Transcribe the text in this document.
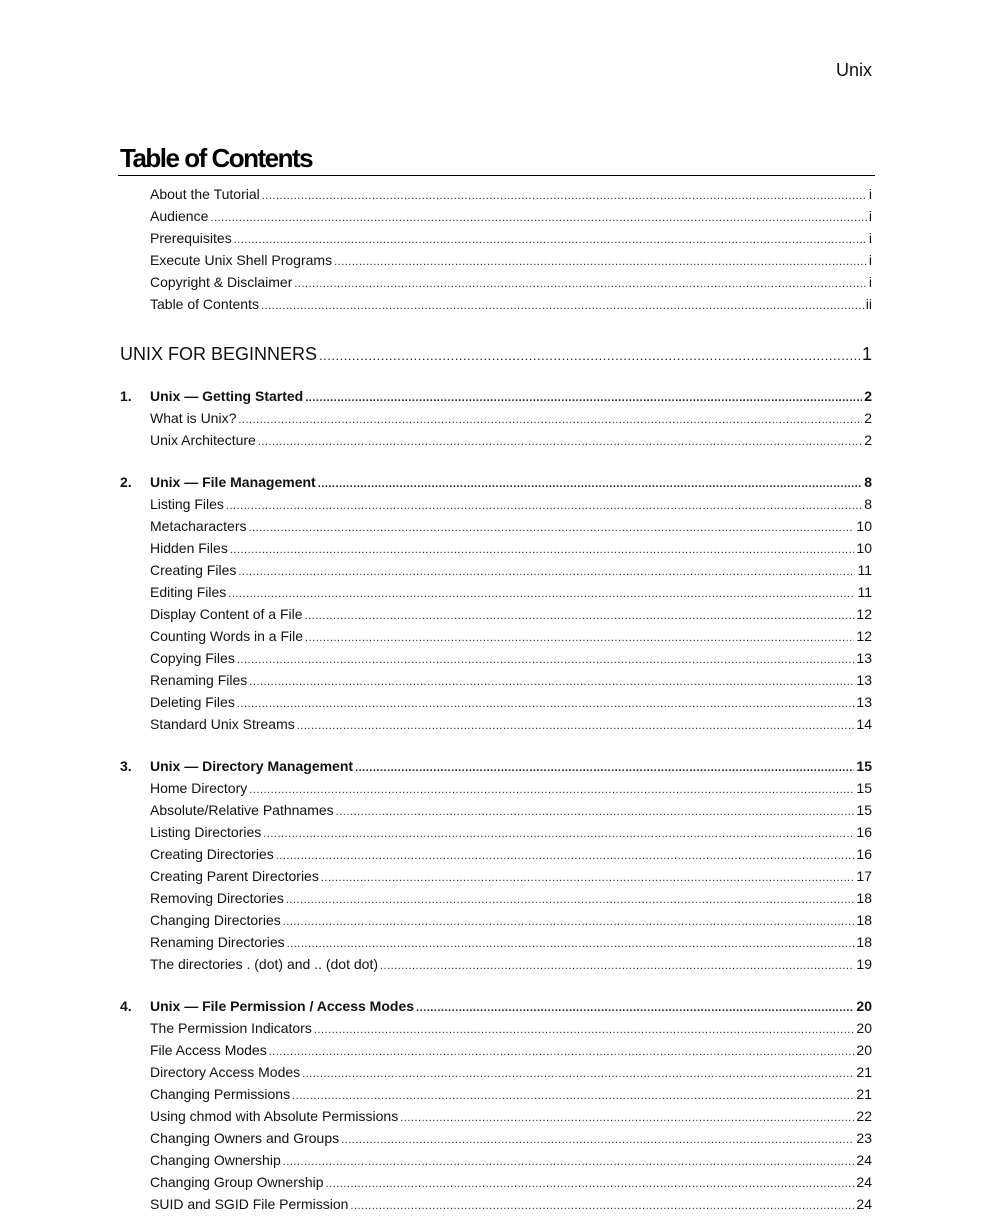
Unix
Table of Contents
About the Tutorial .....	i
Audience .....	i
Prerequisites .....	i
Execute Unix Shell Programs .....	i
Copyright & Disclaimer .....	i
Table of Contents .....	ii
UNIX FOR BEGINNERS .....	1
1.	Unix — Getting Started .....	2
What is Unix? .....	2
Unix Architecture .....	2
2.	Unix — File Management .....	8
Listing Files .....	8
Metacharacters .....	10
Hidden Files .....	10
Creating Files .....	11
Editing Files .....	11
Display Content of a File .....	12
Counting Words in a File .....	12
Copying Files .....	13
Renaming Files .....	13
Deleting Files .....	13
Standard Unix Streams .....	14
3.	Unix — Directory Management .....	15
Home Directory .....	15
Absolute/Relative Pathnames .....	15
Listing Directories .....	16
Creating Directories .....	16
Creating Parent Directories .....	17
Removing Directories .....	18
Changing Directories .....	18
Renaming Directories .....	18
The directories . (dot) and .. (dot dot) .....	19
4.	Unix — File Permission / Access Modes .....	20
The Permission Indicators .....	20
File Access Modes .....	20
Directory Access Modes .....	21
Changing Permissions .....	21
Using chmod with Absolute Permissions .....	22
Changing Owners and Groups .....	23
Changing Ownership .....	24
Changing Group Ownership .....	24
SUID and SGID File Permission .....	24
